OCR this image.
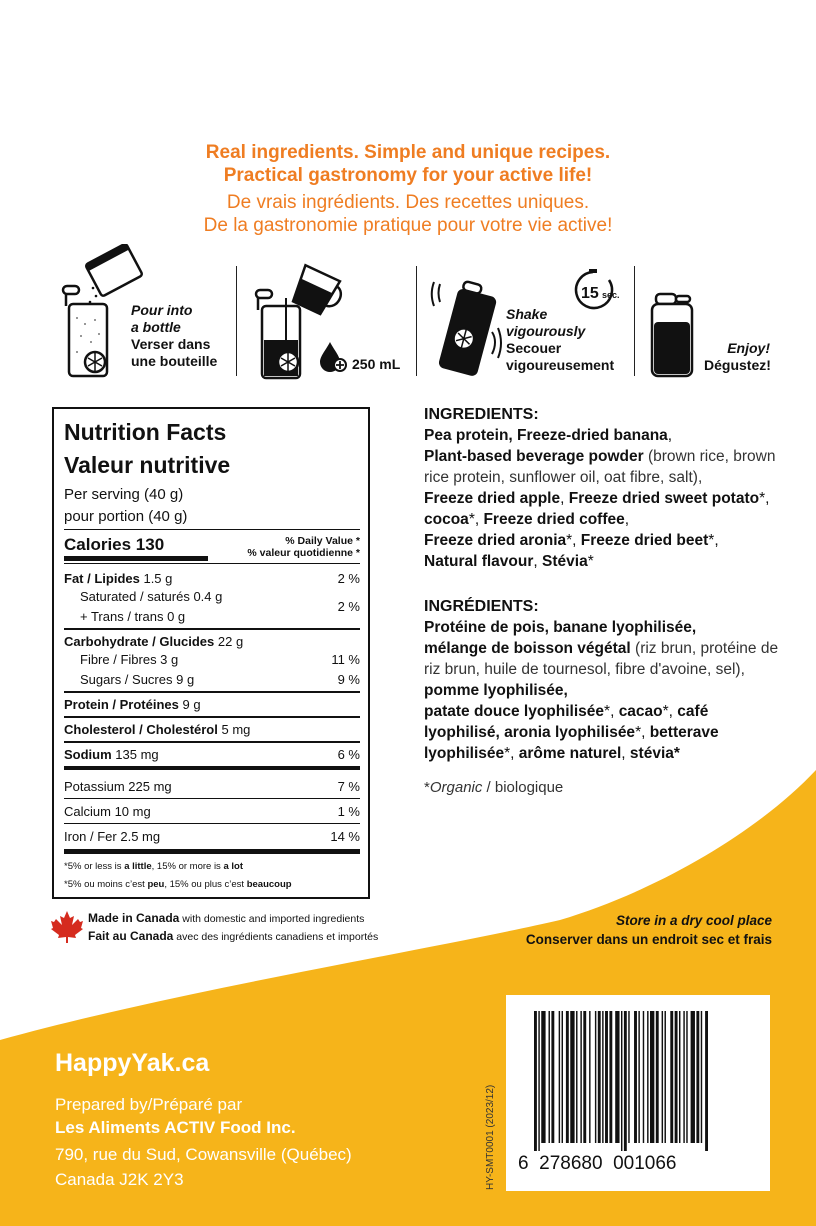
Real ingredients. Simple and unique recipes.
Practical gastronomy for your active life!
De vrais ingrédients. Des recettes uniques.
De la gastronomie pratique pour votre vie active!
Pour into
a bottle
Verser dans
une bouteille	250 mL
15 sec.
Shake
vigourously
Secouer
vigoureusement
Enjoy!
Dégustez!
Nutrition Facts
Valeur nutritive
Per serving (40 g)
pour portion (40 g)
Calories 130	% Daily Value *
% valeur quotidienne *
Fat / Lipides 1.5 g	2 %
Saturated / saturés 0.4 g
+ Trans / trans 0 g
2 %
Carbohydrate / Glucides 22 g
Fibre / Fibres 3 g	11 %
Sugars / Sucres 9 g	9 %
Protein / Protéines 9 g
Cholesterol / Cholestérol 5 mg
Sodium 135 mg	6 %
Potassium 225 mg	7 %
Calcium 10 mg	1 %
Iron / Fer 2.5 mg	14 %
*5% or less is a little, 15% or more is a lot
*5% ou moins c’est peu, 15% ou plus c’est beaucoup
INGREDIENTS:
Pea protein, Freeze-dried banana,
Plant-based beverage powder (brown rice, brown rice protein, sunflower oil, oat fibre, salt),
Freeze dried apple, Freeze dried sweet potato*, cocoa*, Freeze dried coffee,
Freeze dried aronia*, Freeze dried beet*,
Natural flavour, Stévia*
INGRÉDIENTS:
Protéine de pois, banane lyophilisée,
mélange de boisson végétal (riz brun, protéine de riz brun, huile de tournesol, fibre d'avoine, sel), pomme lyophilisée,
patate douce lyophilisée*, cacao*, café lyophilisé, aronia lyophilisée*, betterave lyophilisée*, arôme naturel, stévia*
*Organic / biologique
Made in Canada with domestic and imported ingredients
Fait au Canada avec des ingrédients canadiens et importés
Store in a dry cool place
Conserver dans un endroit sec et frais
HappyYak.ca
Prepared by/Préparé par
Les Aliments ACTIV Food Inc.
790, rue du Sud, Cowansville (Québec)
Canada J2K 2Y3
6  278680  001066
HY-SMT0001 (2023/12)
